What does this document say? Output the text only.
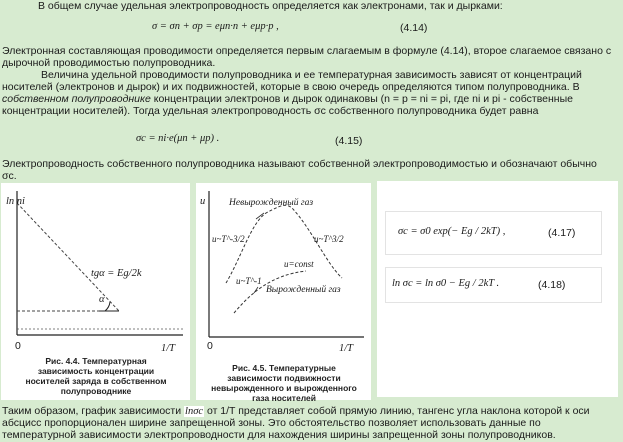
В общем случае удельная электропроводность определяется как электронами, так и дырками:
σ = σn + σp = eμn·n + eμp·p ,	(4.14)
Электронная составляющая проводимости определяется первым слагаемым в формуле (4.14), второе слагаемое связано с
дырочной проводимостью полупроводника.
Величина удельной проводимости полупроводника и ее температурная зависимость зависят от концентраций
носителей (электронов и дырок) и их подвижностей, которые в свою очередь определяются типом полупроводника. В
собственном полупроводнике концентрации электронов и дырок одинаковы (n = p = ni = pi, где ni и pi - собственные
концентрации носителей). Тогда удельная электропроводность σс собственного полупроводника будет равна
σc = ni·e(μn + μp) .	(4.15)
Электропроводность собственного полупроводника называют собственной электропроводимостью и обозначают обычно
σс.
ln ni
1/T
0
tgα = Eg/2k
α
Рис. 4.4. Температурная
зависимость концентрации
носителей заряда в собственном
полупроводнике
u
1/T
0
Невырожденный газ
u~T^-3/2	u~T^3/2
u=const
u~T^-1
Вырожденный газ
Рис. 4.5. Температурные
зависимости подвижности
невырожденного и вырожденного
газа носителей
σc = σ0 exp(− Eg / 2kT) ,	(4.17)
ln σc = ln σ0 − Eg / 2kT .	(4.18)
Таким образом, график зависимости lnσc от 1/T представляет собой прямую линию, тангенс угла наклона которой к оси
абсцисс пропорционален ширине запрещенной зоны. Это обстоятельство позволяет использовать данные по
температурной зависимости электропроводности для нахождения ширины запрещенной зоны полупроводников.
